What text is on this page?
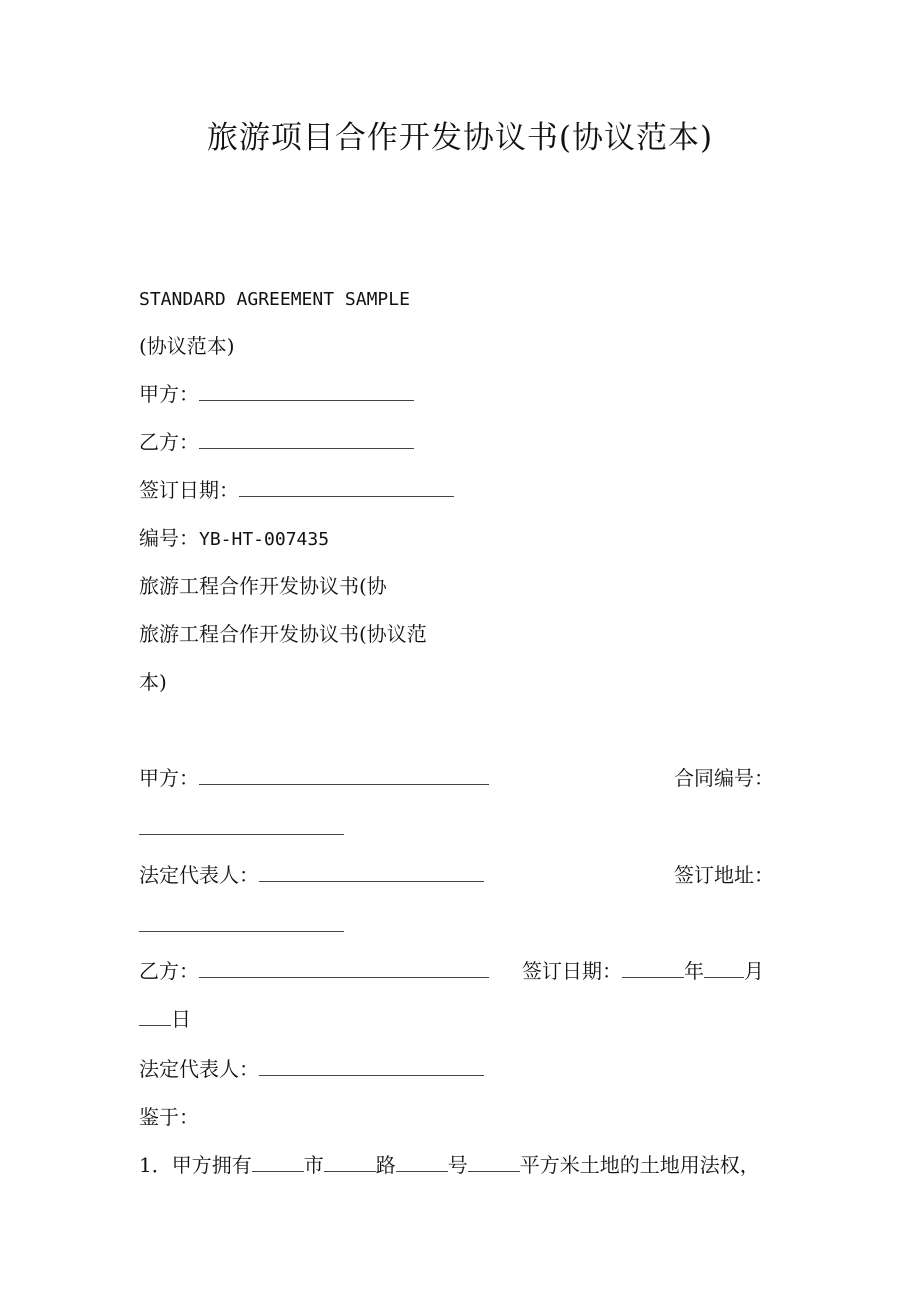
旅游项目合作开发协议书(协议范本)
STANDARD AGREEMENT SAMPLE
(协议范本)
甲方：
乙方：
签订日期：
编号：YB-HT-007435
旅游工程合作开发协议书(协
旅游工程合作开发协议书(协议范
本)
甲方：	合同编号：
法定代表人：	签订地址：
乙方：	签订日期：	年 月
日
法定代表人：
鉴于：
1．甲方拥有	市	路	号	平方米土地的土地用法权，
